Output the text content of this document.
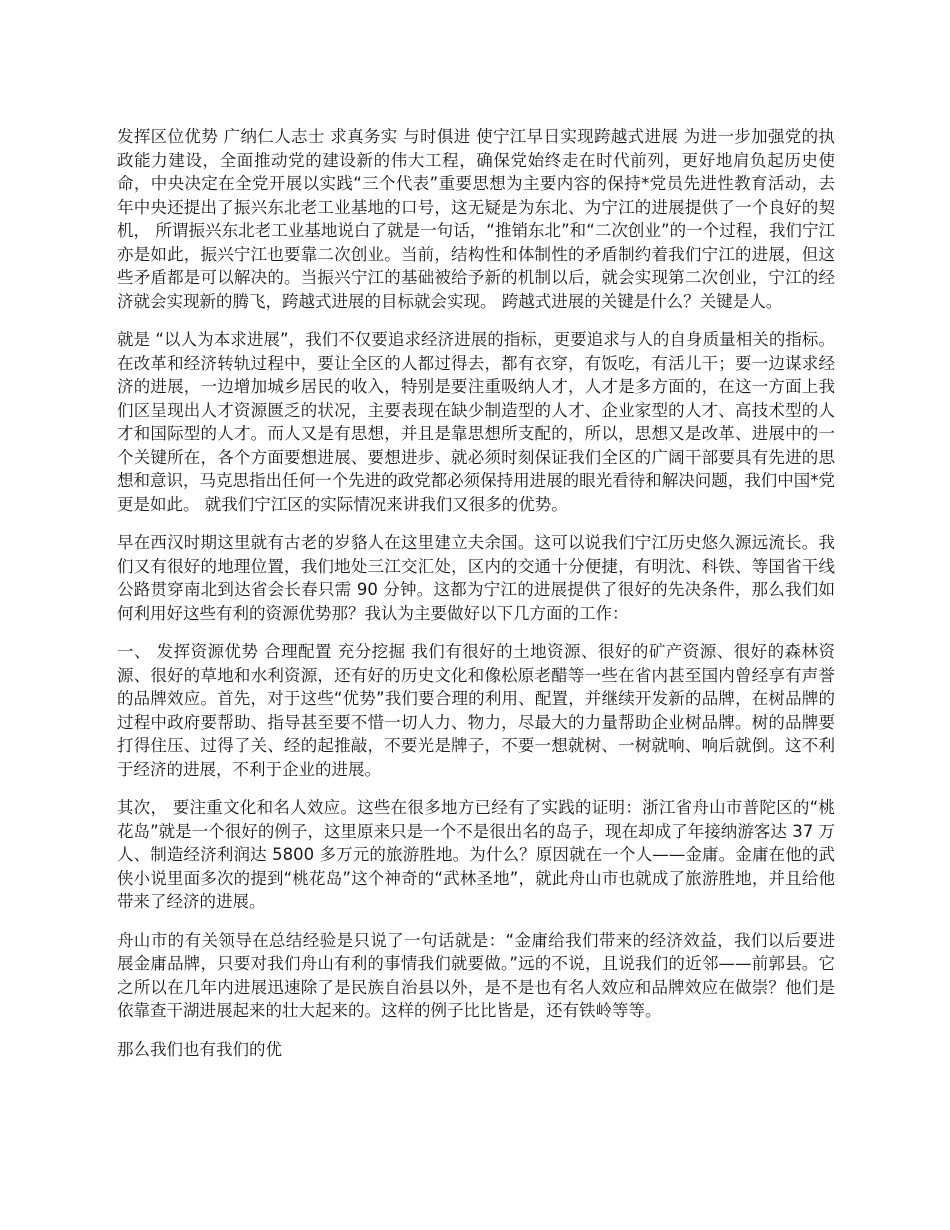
发挥区位优势 广纳仁人志士 求真务实 与时俱进 使宁江早日实现跨越式进展 为进一步加强党的执政能力建设，全面推动党的建设新的伟大工程，确保党始终走在时代前列，更好地肩负起历史使命，中央决定在全党开展以实践“三个代表”重要思想为主要内容的保持*党员先进性教育活动，去年中央还提出了振兴东北老工业基地的口号，这无疑是为东北、为宁江的进展提供了一个良好的契机， 所谓振兴东北老工业基地说白了就是一句话，“推销东北”和“二次创业”的一个过程，我们宁江亦是如此，振兴宁江也要靠二次创业。当前，结构性和体制性的矛盾制约着我们宁江的进展，但这些矛盾都是可以解决的。当振兴宁江的基础被给予新的机制以后，就会实现第二次创业，宁江的经济就会实现新的腾飞，跨越式进展的目标就会实现。 跨越式进展的关键是什么？关键是人。

就是 “以人为本求进展”，我们不仅要追求经济进展的指标，更要追求与人的自身质量相关的指标。在改革和经济转轨过程中，要让全区的人都过得去，都有衣穿，有饭吃，有活儿干；要一边谋求经济的进展，一边增加城乡居民的收入，特别是要注重吸纳人才，人才是多方面的，在这一方面上我们区呈现出人才资源匮乏的状况，主要表现在缺少制造型的人才、企业家型的人才、高技术型的人才和国际型的人才。而人又是有思想，并且是靠思想所支配的，所以，思想又是改革、进展中的一个关键所在，各个方面要想进展、要想进步、就必须时刻保证我们全区的广阔干部要具有先进的思想和意识，马克思指出任何一个先进的政党都必须保持用进展的眼光看待和解决问题，我们中国*党更是如此。 就我们宁江区的实际情况来讲我们又很多的优势。

早在西汉时期这里就有古老的岁貉人在这里建立夫余国。这可以说我们宁江历史悠久源远流长。我们又有很好的地理位置，我们地处三江交汇处，区内的交通十分便捷，有明沈、科铁、等国省干线公路贯穿南北到达省会长春只需 90 分钟。这都为宁江的进展提供了很好的先决条件，那么我们如何利用好这些有利的资源优势那？我认为主要做好以下几方面的工作：

一、 发挥资源优势 合理配置 充分挖掘 我们有很好的土地资源、很好的矿产资源、很好的森林资源、很好的草地和水利资源，还有好的历史文化和像松原老醋等一些在省内甚至国内曾经享有声誉的品牌效应。首先，对于这些“优势”我们要合理的利用、配置，并继续开发新的品牌，在树品牌的过程中政府要帮助、指导甚至要不惜一切人力、物力，尽最大的力量帮助企业树品牌。树的品牌要打得住压、过得了关、经的起推敲，不要光是牌子，不要一想就树、一树就响、响后就倒。这不利于经济的进展，不利于企业的进展。

其次， 要注重文化和名人效应。这些在很多地方已经有了实践的证明：浙江省舟山市普陀区的“桃花岛”就是一个很好的例子，这里原来只是一个不是很出名的岛子，现在却成了年接纳游客达 37 万人、制造经济利润达 5800 多万元的旅游胜地。为什么？原因就在一个人——金庸。金庸在他的武侠小说里面多次的提到“桃花岛”这个神奇的“武林圣地”，就此舟山市也就成了旅游胜地，并且给他带来了经济的进展。

舟山市的有关领导在总结经验是只说了一句话就是：“金庸给我们带来的经济效益，我们以后要进展金庸品牌，只要对我们舟山有利的事情我们就要做。”远的不说，且说我们的近邻——前郭县。它之所以在几年内进展迅速除了是民族自治县以外，是不是也有名人效应和品牌效应在做崇？他们是依靠查干湖进展起来的壮大起来的。这样的例子比比皆是，还有铁岭等等。

那么我们也有我们的优
